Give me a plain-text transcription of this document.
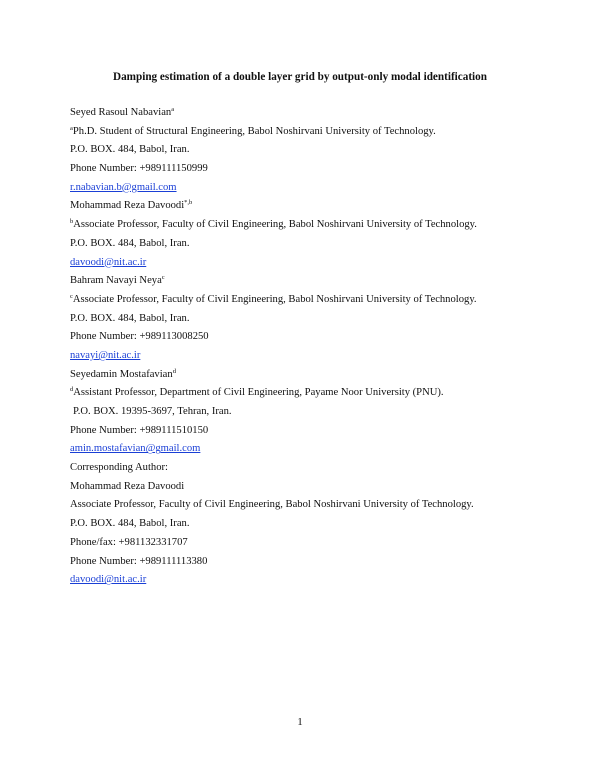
Damping estimation of a double layer grid by output-only modal identification
Seyed Rasoul Nabavian$^a$
$^a$Ph.D. Student of Structural Engineering, Babol Noshirvani University of Technology.
P.O. BOX. 484, Babol, Iran.
Phone Number: +989111150999
r.nabavian.b@gmail.com
Mohammad Reza Davoodi$^{*,b}$
$^b$Associate Professor, Faculty of Civil Engineering, Babol Noshirvani University of Technology.
P.O. BOX. 484, Babol, Iran.
davoodi@nit.ac.ir
Bahram Navayi Neya$^c$
$^c$Associate Professor, Faculty of Civil Engineering, Babol Noshirvani University of Technology.
P.O. BOX. 484, Babol, Iran.
Phone Number: +989113008250
navayi@nit.ac.ir
Seyedamin Mostafavian$^d$
$^d$Assistant Professor, Department of Civil Engineering, Payame Noor University (PNU).
P.O. BOX. 19395-3697, Tehran, Iran.
Phone Number: +989111510150
amin.mostafavian@gmail.com
Corresponding Author:
Mohammad Reza Davoodi
Associate Professor, Faculty of Civil Engineering, Babol Noshirvani University of Technology.
P.O. BOX. 484, Babol, Iran.
Phone/fax: +981132331707
Phone Number: +989111113380
davoodi@nit.ac.ir
1
